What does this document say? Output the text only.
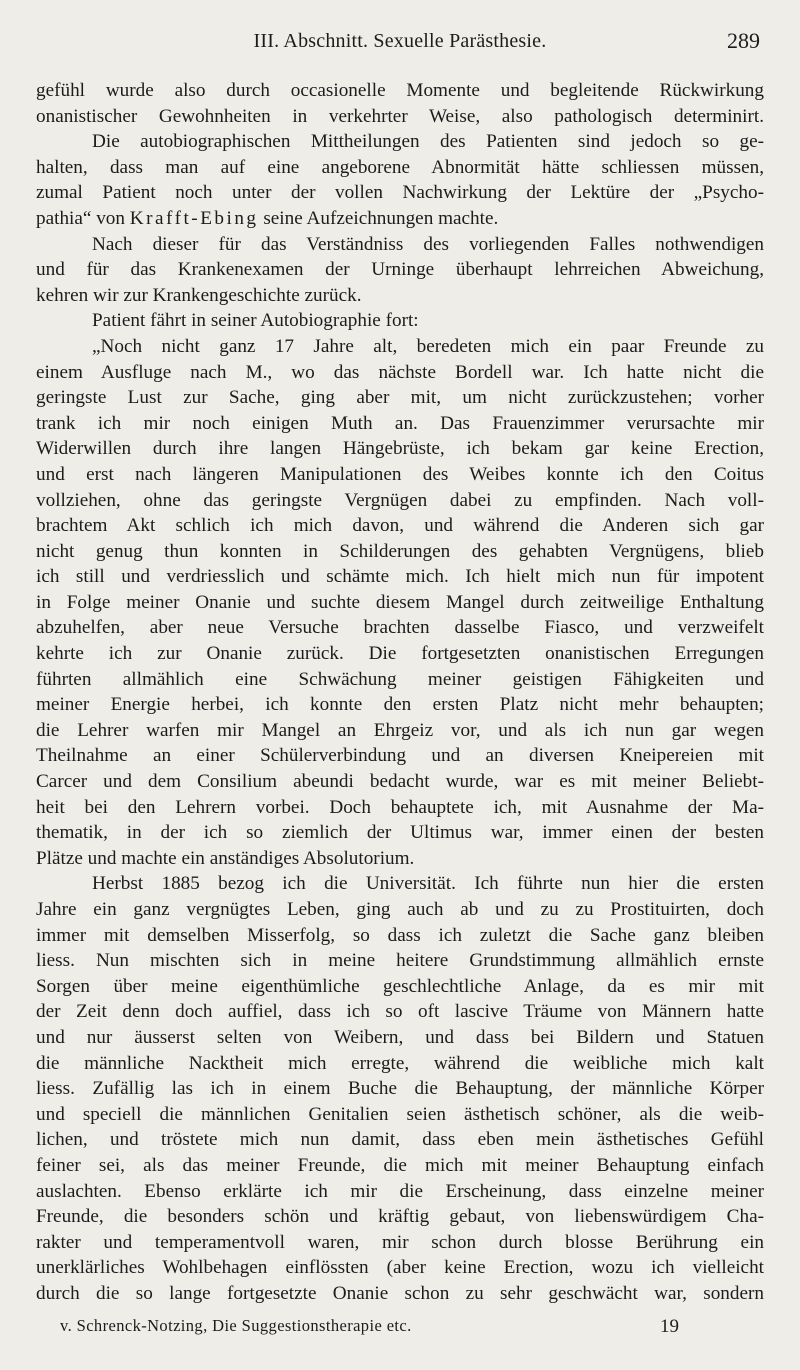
III. Abschnitt. Sexuelle Parästhesie.	289
gefühl wurde also durch occasionelle Momente und begleitende Rückwirkung
onanistischer Gewohnheiten in verkehrter Weise, also pathologisch determinirt.
Die autobiographischen Mittheilungen des Patienten sind jedoch so ge-
halten, dass man auf eine angeborene Abnormität hätte schliessen müssen,
zumal Patient noch unter der vollen Nachwirkung der Lektüre der „Psycho-
pathia“ von Krafft-Ebing seine Aufzeichnungen machte.
Nach dieser für das Verständniss des vorliegenden Falles nothwendigen
und für das Krankenexamen der Urninge überhaupt lehrreichen Abweichung,
kehren wir zur Krankengeschichte zurück.
Patient fährt in seiner Autobiographie fort:
„Noch nicht ganz 17 Jahre alt, beredeten mich ein paar Freunde zu
einem Ausfluge nach M., wo das nächste Bordell war. Ich hatte nicht die
geringste Lust zur Sache, ging aber mit, um nicht zurückzustehen; vorher
trank ich mir noch einigen Muth an. Das Frauenzimmer verursachte mir
Widerwillen durch ihre langen Hängebrüste, ich bekam gar keine Erection,
und erst nach längeren Manipulationen des Weibes konnte ich den Coitus
vollziehen, ohne das geringste Vergnügen dabei zu empfinden. Nach voll-
brachtem Akt schlich ich mich davon, und während die Anderen sich gar
nicht genug thun konnten in Schilderungen des gehabten Vergnügens, blieb
ich still und verdriesslich und schämte mich. Ich hielt mich nun für impotent
in Folge meiner Onanie und suchte diesem Mangel durch zeitweilige Enthaltung
abzuhelfen, aber neue Versuche brachten dasselbe Fiasco, und verzweifelt
kehrte ich zur Onanie zurück. Die fortgesetzten onanistischen Erregungen
führten allmählich eine Schwächung meiner geistigen Fähigkeiten und
meiner Energie herbei, ich konnte den ersten Platz nicht mehr behaupten;
die Lehrer warfen mir Mangel an Ehrgeiz vor, und als ich nun gar wegen
Theilnahme an einer Schülerverbindung und an diversen Kneipereien mit
Carcer und dem Consilium abeundi bedacht wurde, war es mit meiner Beliebt-
heit bei den Lehrern vorbei. Doch behauptete ich, mit Ausnahme der Ma-
thematik, in der ich so ziemlich der Ultimus war, immer einen der besten
Plätze und machte ein anständiges Absolutorium.
Herbst 1885 bezog ich die Universität. Ich führte nun hier die ersten
Jahre ein ganz vergnügtes Leben, ging auch ab und zu zu Prostituirten, doch
immer mit demselben Misserfolg, so dass ich zuletzt die Sache ganz bleiben
liess. Nun mischten sich in meine heitere Grundstimmung allmählich ernste
Sorgen über meine eigenthümliche geschlechtliche Anlage, da es mir mit
der Zeit denn doch auffiel, dass ich so oft lascive Träume von Männern hatte
und nur äusserst selten von Weibern, und dass bei Bildern und Statuen
die männliche Nacktheit mich erregte, während die weibliche mich kalt
liess. Zufällig las ich in einem Buche die Behauptung, der männliche Körper
und speciell die männlichen Genitalien seien ästhetisch schöner, als die weib-
lichen, und tröstete mich nun damit, dass eben mein ästhetisches Gefühl
feiner sei, als das meiner Freunde, die mich mit meiner Behauptung einfach
auslachten. Ebenso erklärte ich mir die Erscheinung, dass einzelne meiner
Freunde, die besonders schön und kräftig gebaut, von liebenswürdigem Cha-
rakter und temperamentvoll waren, mir schon durch blosse Berührung ein
unerklärliches Wohlbehagen einflössten (aber keine Erection, wozu ich vielleicht
durch die so lange fortgesetzte Onanie schon zu sehr geschwächt war, sondern
v. Schrenck-Notzing, Die Suggestionstherapie etc.	19
